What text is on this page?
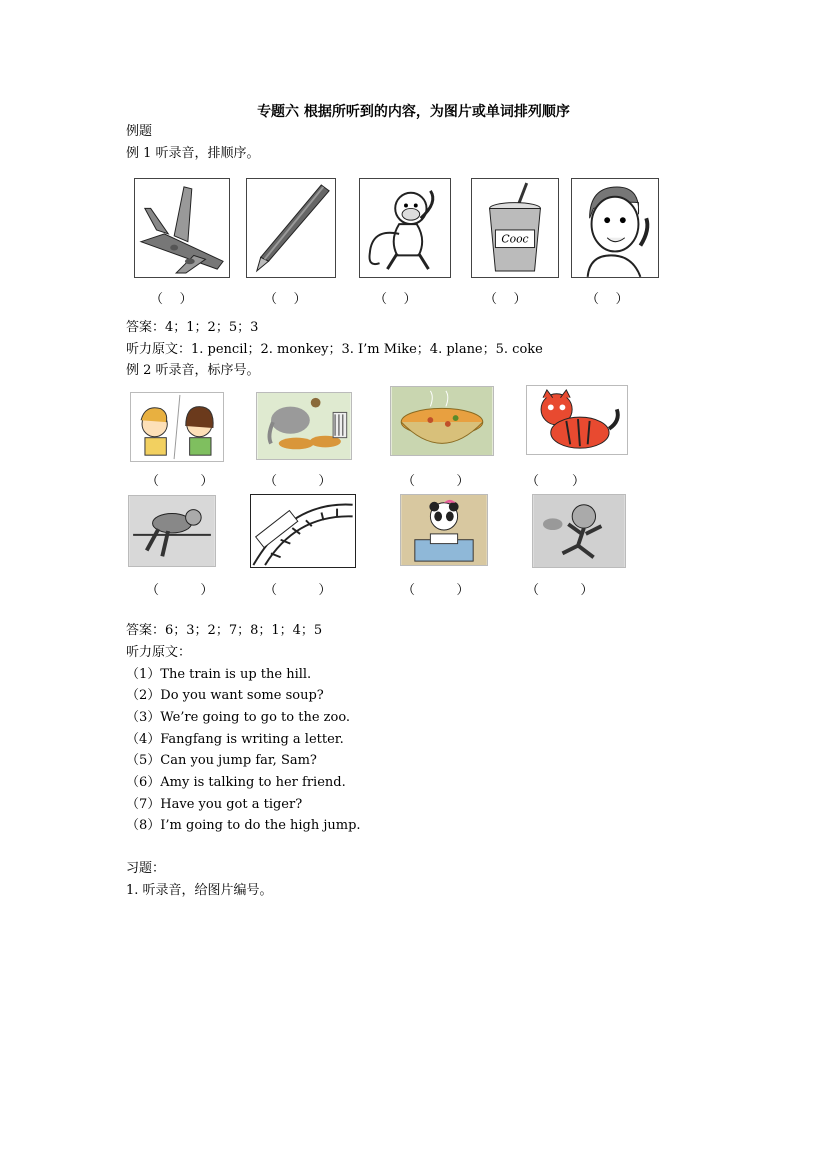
专题六 根据所听到的内容，为图片或单词排列顺序
例题
例 1 听录音，排顺序。
Cooc
（    ）	（    ）	（    ）	（    ）	（    ）
答案：4；1；2；5；3
听力原文：1. pencil；2. monkey；3. I’m Mike；4. plane；5. coke
例 2 听录音，标序号。
（          ）	（          ）	（          ）	（        ）
（          ）	（          ）	（          ）	（          ）
答案：6；3；2；7；8；1；4；5
听力原文：
（1）The train is up the hill.
（2）Do you want some soup?
（3）We’re going to go to the zoo.
（4）Fangfang is writing a letter.
（5）Can you jump far, Sam?
（6）Amy is talking to her friend.
（7）Have you got a tiger?
（8）I’m going to do the high jump.
习题：
1. 听录音，给图片编号。
